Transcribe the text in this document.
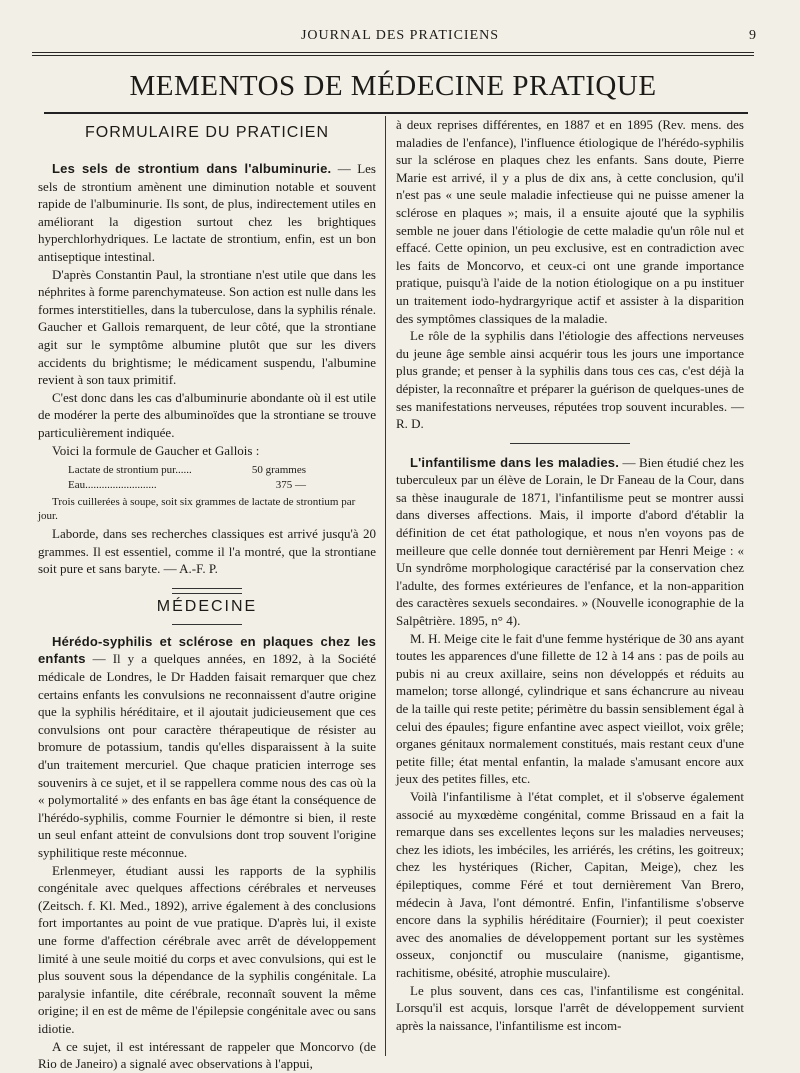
JOURNAL DES PRATICIENS	9
MEMENTOS DE MÉDECINE PRATIQUE
FORMULAIRE DU PRATICIEN

Les sels de strontium dans l'albuminurie. — Les sels de strontium amènent une diminution notable et souvent rapide de l'albuminurie. Ils sont, de plus, indirectement utiles en améliorant la digestion surtout chez les brightiques hyperchlorhydriques. Le lactate de strontium, enfin, est un bon antiseptique intestinal.

D'après Constantin Paul, la strontiane n'est utile que dans les néphrites à forme parenchymateuse. Son action est nulle dans les formes interstitielles, dans la tuberculose, dans la syphilis rénale. Gaucher et Gallois remarquent, de leur côté, que la strontiane agit sur le symptôme albumine plutôt que sur les divers accidents du brightisme; le médicament suspendu, l'albumine revient à son taux primitif.

C'est donc dans les cas d'albuminurie abondante où il est utile de modérer la perte des albuminoïdes que la strontiane se trouve particulièrement indiquée.

Voici la formule de Gaucher et Gallois :

Lactate de strontium pur......	50 grammes
Eau..........................	375 —
Trois cuillerées à soupe, soit six grammes de lactate de strontium par jour.

Laborde, dans ses recherches classiques est arrivé jusqu'à 20 grammes. Il est essentiel, comme il l'a montré, que la strontiane soit pure et sans baryte. — A.-F. P.

MÉDECINE

Hérédo-syphilis et sclérose en plaques chez les enfants — Il y a quelques années, en 1892, à la Société médicale de Londres, le Dr Hadden faisait remarquer que chez certains enfants les convulsions ne reconnaissent d'autre origine que la syphilis héréditaire, et il ajoutait judicieusement que ces convulsions ont pour caractère thérapeutique de résister au bromure de potassium, tandis qu'elles disparaissent à la suite d'un traitement mercuriel. Que chaque praticien interroge ses souvenirs à ce sujet, et il se rappellera comme nous des cas où la « polymortalité » des enfants en bas âge étant la conséquence de l'hérédo-syphilis, comme Fournier le démontre si bien, il reste un seul enfant atteint de convulsions dont trop souvent l'origine syphilitique reste méconnue.

Erlenmeyer, étudiant aussi les rapports de la syphilis congénitale avec quelques affections cérébrales et nerveuses (Zeitsch. f. Kl. Med., 1892), arrive également à des conclusions fort importantes au point de vue pratique. D'après lui, il existe une forme d'affection cérébrale avec arrêt de développement limité à une seule moitié du corps et avec convulsions, qui est le plus souvent sous la dépendance de la syphilis congénitale. La paralysie infantile, dite cérébrale, reconnaît souvent la même origine; il en est de même de l'épilepsie congénitale avec ou sans idiotie.

A ce sujet, il est intéressant de rappeler que Moncorvo (de Rio de Janeiro) a signalé avec observations à l'appui,

à deux reprises différentes, en 1887 et en 1895 (Rev. mens. des maladies de l'enfance), l'influence étiologique de l'hérédo-syphilis sur la sclérose en plaques chez les enfants. Sans doute, Pierre Marie est arrivé, il y a plus de dix ans, à cette conclusion, qu'il n'est pas « une seule maladie infectieuse qui ne puisse amener la sclérose en plaques »; mais, il a ensuite ajouté que la syphilis semble ne jouer dans l'étiologie de cette maladie qu'un rôle nul et effacé. Cette opinion, un peu exclusive, est en contradiction avec les faits de Moncorvo, et ceux-ci ont une grande importance pratique, puisqu'à l'aide de la notion étiologique on a pu instituer un traitement iodo-hydrargyrique actif et assister à la disparition des symptômes classiques de la maladie.

Le rôle de la syphilis dans l'étiologie des affections nerveuses du jeune âge semble ainsi acquérir tous les jours une importance plus grande; et penser à la syphilis dans tous ces cas, c'est déjà la dépister, la reconnaître et préparer la guérison de quelques-unes de ses manifestations nerveuses, réputées trop souvent incurables. — R. D.

L'infantilisme dans les maladies. — Bien étudié chez les tuberculeux par un élève de Lorain, le Dr Faneau de la Cour, dans sa thèse inaugurale de 1871, l'infantilisme peut se montrer aussi dans diverses affections. Mais, il importe d'abord d'établir la définition de cet état pathologique, et nous n'en voyons pas de meilleure que celle donnée tout dernièrement par Henri Meige : « Un syndrôme morphologique caractérisé par la conservation chez l'adulte, des formes extérieures de l'enfance, et la non-apparition des caractères sexuels secondaires. » (Nouvelle iconographie de la Salpêtrière. 1895, n° 4).

M. H. Meige cite le fait d'une femme hystérique de 30 ans ayant toutes les apparences d'une fillette de 12 à 14 ans : pas de poils au pubis ni au creux axillaire, seins non développés et réduits au mamelon; torse allongé, cylindrique et sans échancrure au niveau de la taille qui reste petite; périmètre du bassin sensiblement égal à celui des épaules; figure enfantine avec aspect vieillot, voix grêle; organes génitaux normalement constitués, mais restant ceux d'une petite fille; état mental enfantin, la malade s'amusant encore aux jeux des petites filles, etc.

Voilà l'infantilisme à l'état complet, et il s'observe également associé au myxœdème congénital, comme Brissaud en a fait la remarque dans ses excellentes leçons sur les maladies nerveuses; chez les idiots, les imbéciles, les arriérés, les crétins, les goitreux; chez les hystériques (Richer, Capitan, Meige), chez les épileptiques, comme Féré et tout dernièrement Van Brero, médecin à Java, l'ont démontré. Enfin, l'infantilisme s'observe encore dans la syphilis héréditaire (Fournier); il peut coexister avec des anomalies de développement portant sur les systèmes osseux, conjonctif ou musculaire (nanisme, gigantisme, rachitisme, obésité, atrophie musculaire).

Le plus souvent, dans ces cas, l'infantilisme est congénital. Lorsqu'il est acquis, lorsque l'arrêt de développement survient après la naissance, l'infantilisme est incom-
